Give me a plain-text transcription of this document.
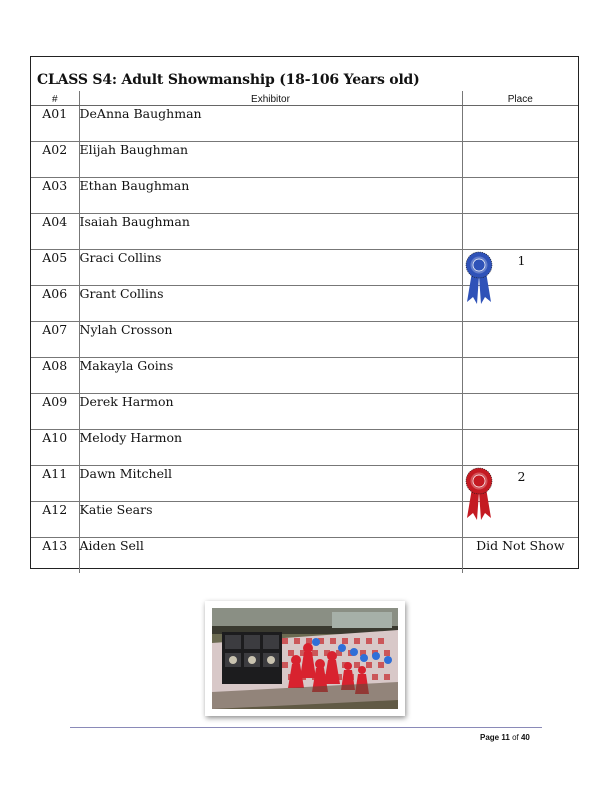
CLASS S4: Adult Showmanship (18-106 Years old)
#	Exhibitor	Place
A01	DeAnna Baughman	
A02	Elijah Baughman	
A03	Ethan Baughman	
A04	Isaiah Baughman	
A05	Graci Collins	1

A06	Grant Collins	
A07	Nylah Crosson	
A08	Makayla Goins	
A09	Derek Harmon	
A10	Melody Harmon	
A11	Dawn Mitchell	2

A12	Katie Sears	
A13	Aiden Sell	Did Not Show
Page 11 of 40
